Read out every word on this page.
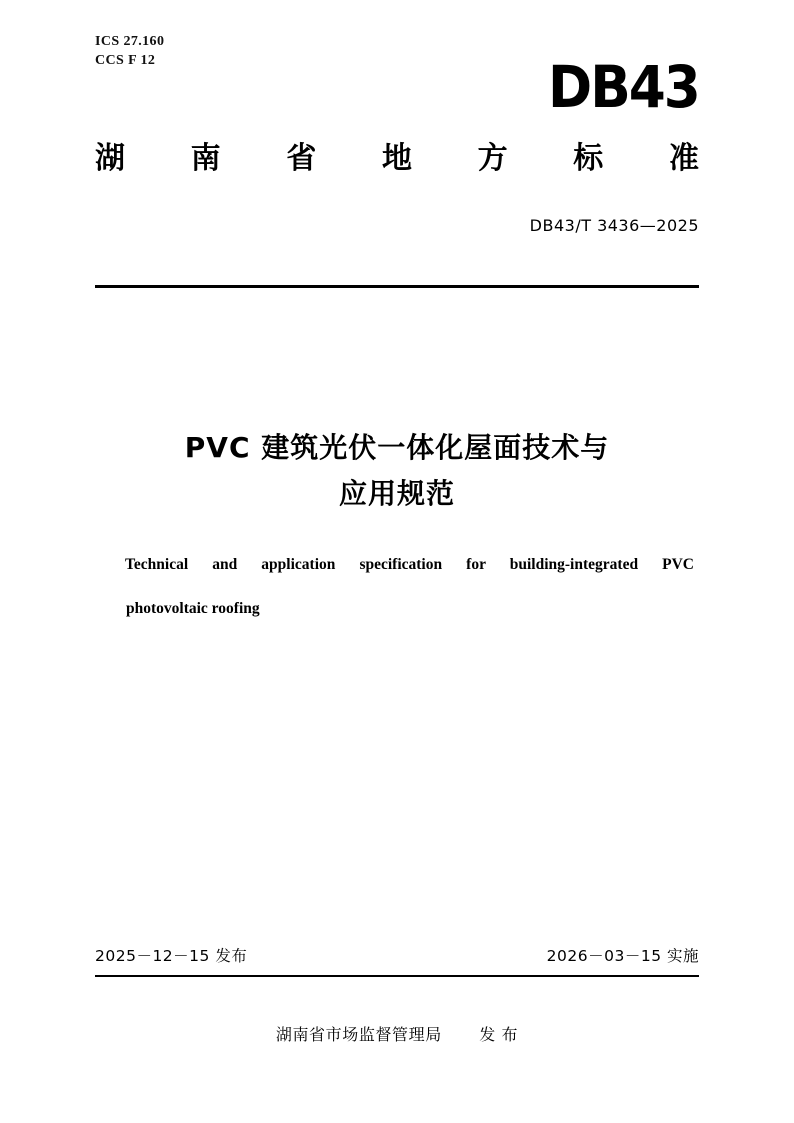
ICS 27.160
CCS F 12	DB43
湖 南 省 地 方 标 准
DB43/T 3436—2025
PVC 建筑光伏一体化屋面技术与
应用规范
Technical and application specification for building-integrated PVC
photovoltaic roofing
2025－12－15 发布	2026－03－15 实施
湖南省市场监督管理局 发 布
